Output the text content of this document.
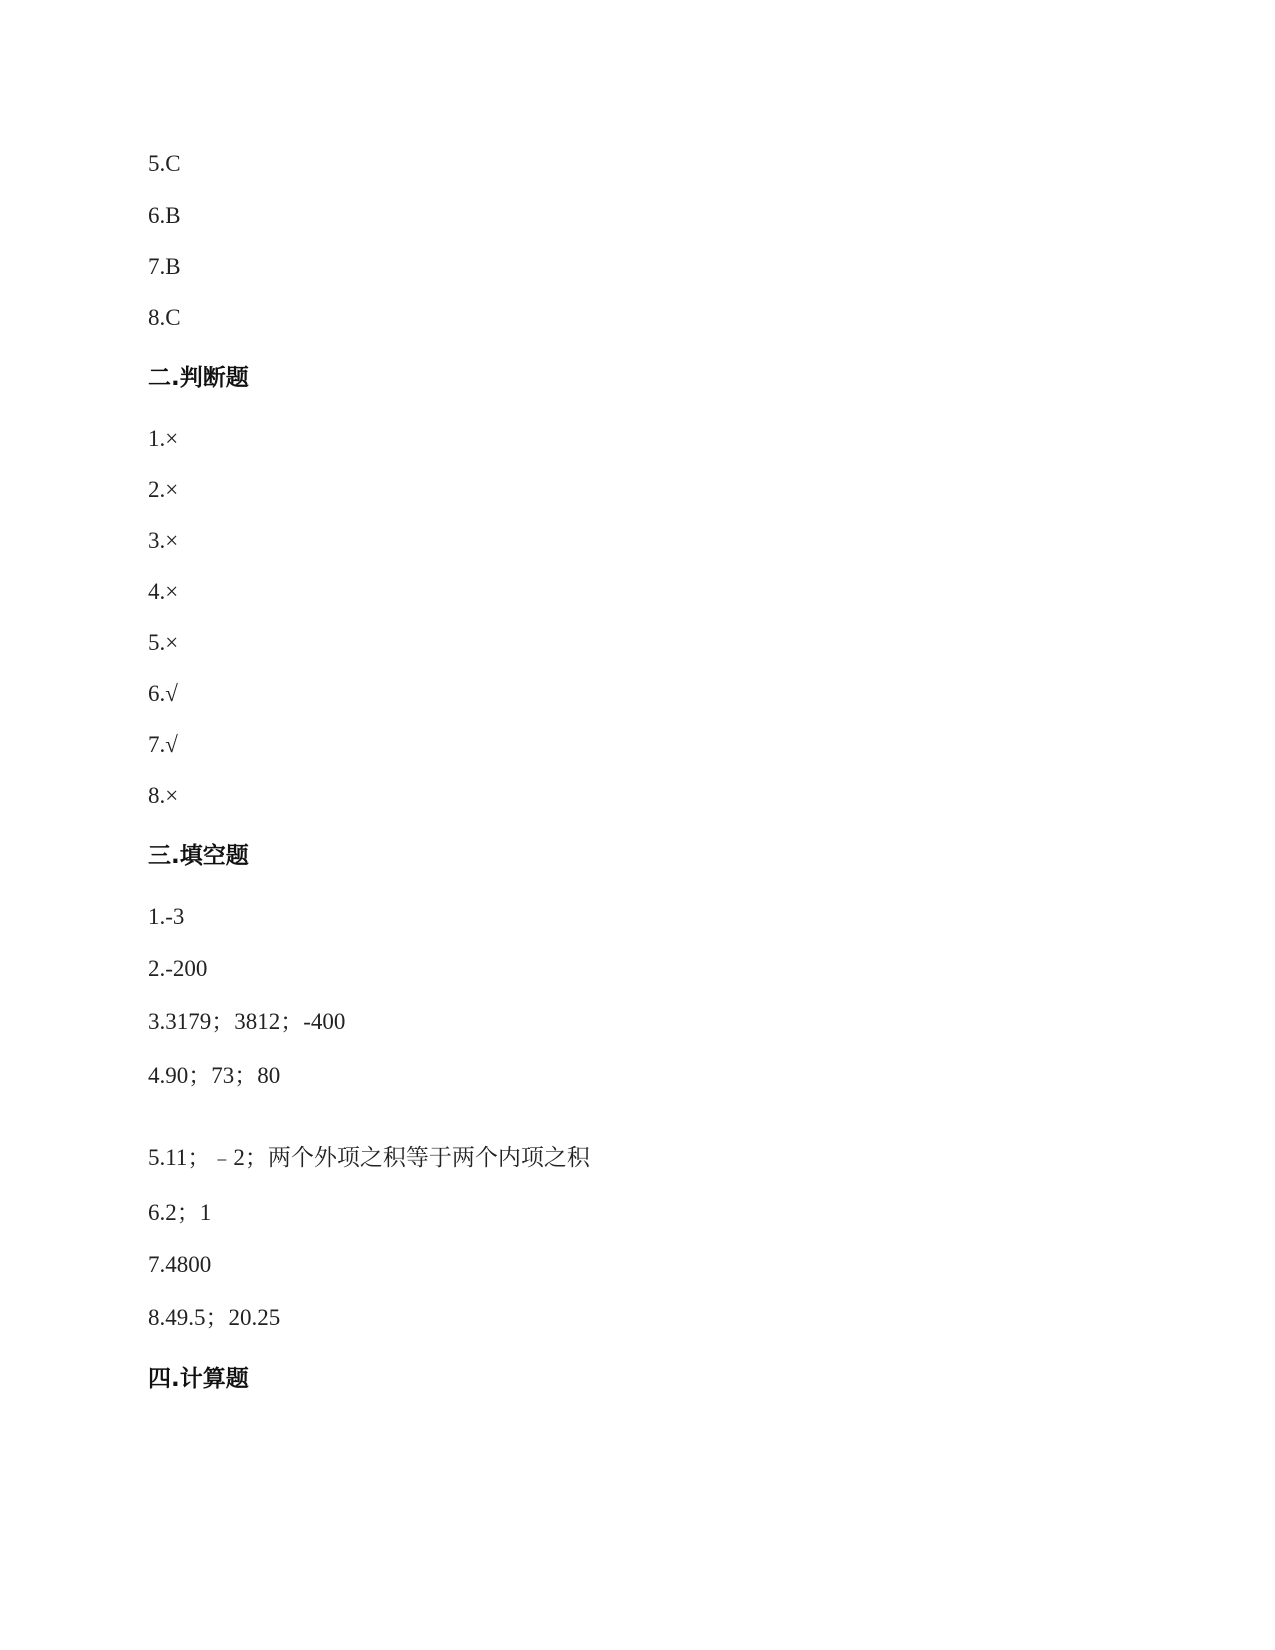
5.C
6.B
7.B
8.C
二.判断题
1.×
2.×
3.×
4.×
5.×
6.√
7.√
8.×
三.填空题
1.-3
2.-200
3.3179；3812；-400
4.90；73；80
5.11；﹣2；两个外项之积等于两个内项之积
6.2；1
7.4800
8.49.5；20.25
四.计算题
